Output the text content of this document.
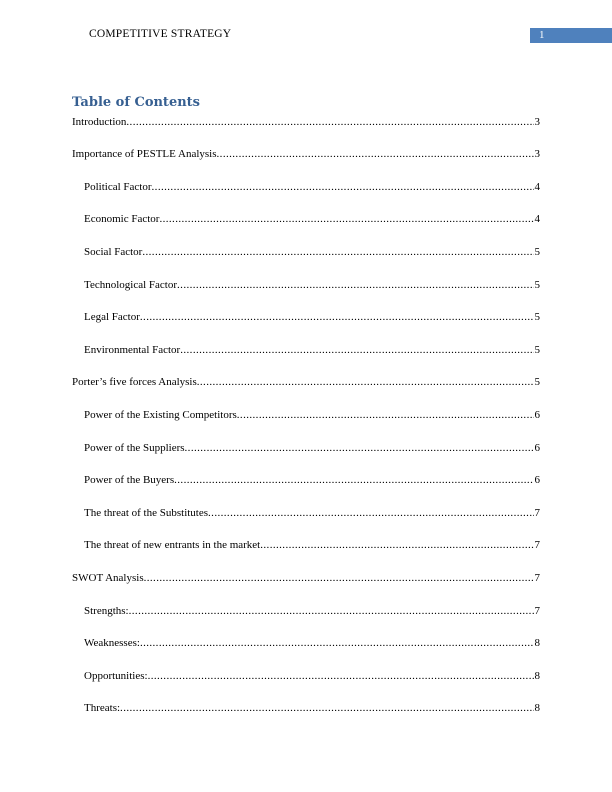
COMPETITIVE STRATEGY	1
Table of Contents
Introduction .....	3
Importance of PESTLE Analysis .....	3
Political Factor .....	4
Economic Factor .....	4
Social Factor .....	5
Technological Factor .....	5
Legal Factor .....	5
Environmental Factor .....	5
Porter’s five forces Analysis .....	5
Power of the Existing Competitors .....	6
Power of the Suppliers .....	6
Power of the Buyers .....	6
The threat of the Substitutes .....	7
The threat of new entrants in the market .....	7
SWOT Analysis .....	7
Strengths: .....	7
Weaknesses: .....	8
Opportunities: .....	8
Threats: .....	8
